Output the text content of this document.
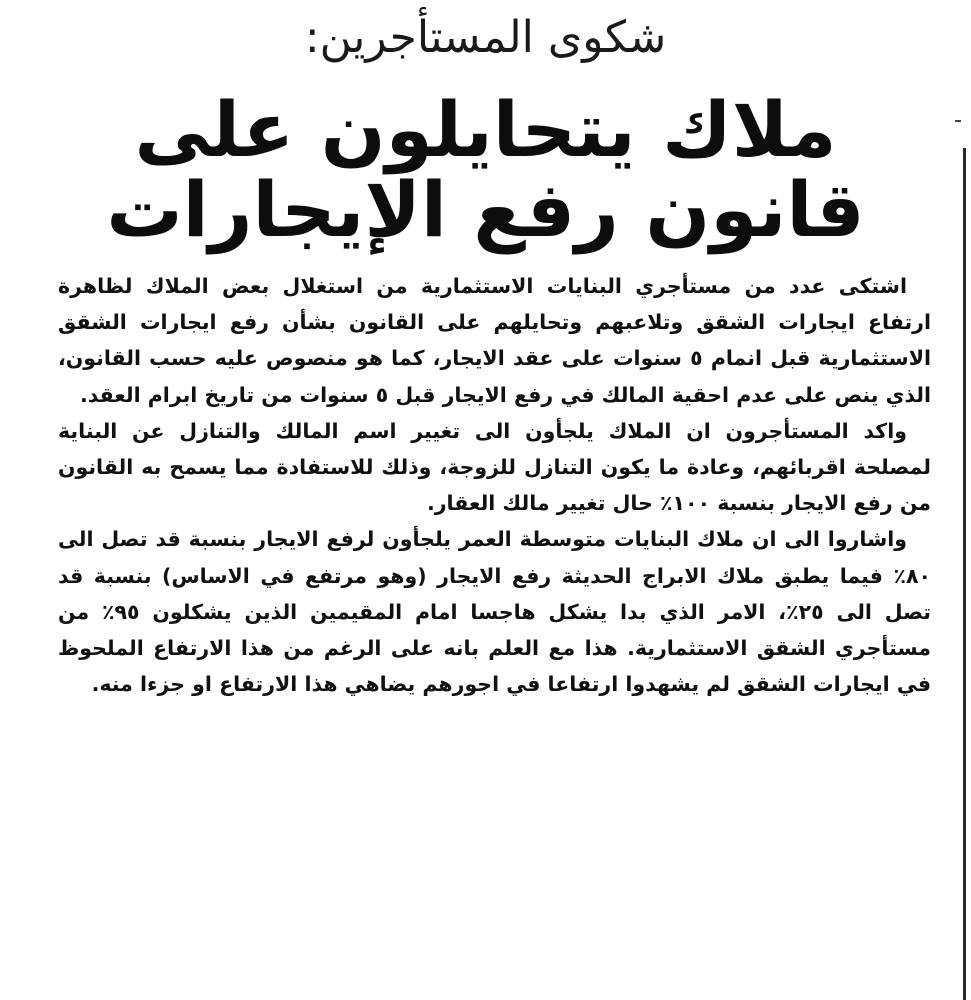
شكوى المستأجرين:
ملاك يتحايلون على
قانون رفع الإيجارات

اشتكى عدد من مستأجري البنايات الاستثمارية من استغلال بعض الملاك لظاهرة ارتفاع ايجارات الشقق وتلاعبهم وتحايلهم على القانون بشأن رفع ايجارات الشقق الاستثمارية قبل انمام ٥ سنوات على عقد الايجار، كما هو منصوص عليه حسب القانون، الذي ينص على عدم احقية المالك في رفع الايجار قبل ٥ سنوات من تاريخ ابرام العقد.

واكد المستأجرون ان الملاك يلجأون الى تغيير اسم المالك والتنازل عن البناية لمصلحة اقربائهم، وعادة ما يكون التنازل للزوجة، وذلك للاستفادة مما يسمح به القانون من رفع الايجار بنسبة ١٠٠٪ حال تغيير مالك العقار.

واشاروا الى ان ملاك البنايات متوسطة العمر يلجأون لرفع الايجار بنسبة قد تصل الى ٨٠٪ فيما يطبق ملاك الابراج الحديثة رفع الايجار (وهو مرتفع في الاساس) بنسبة قد تصل الى ٢٥٪، الامر الذي بدا يشكل هاجسا امام المقيمين الذين يشكلون ٩٥٪ من مستأجري الشقق الاستثمارية. هذا مع العلم بانه على الرغم من هذا الارتفاع الملحوظ في ايجارات الشقق لم يشهدوا ارتفاعا في اجورهم يضاهي هذا الارتفاع او جزءا منه.
